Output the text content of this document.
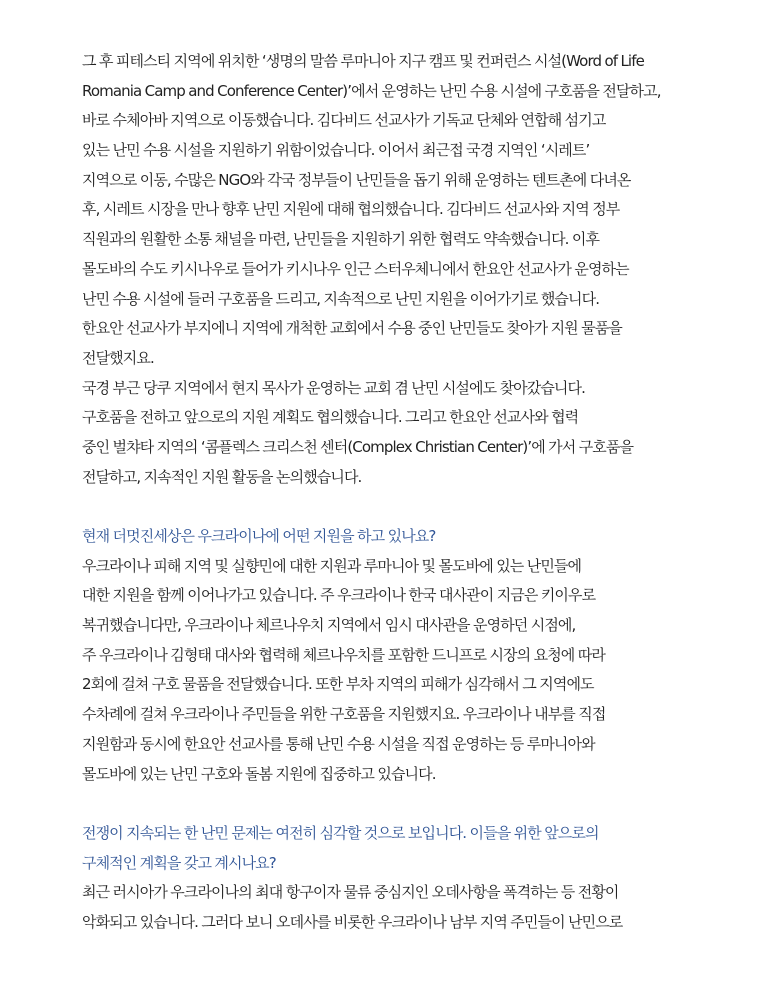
그 후 피테스티 지역에 위치한 ‘생명의 말씀 루마니아 지구 캠프 및 컨퍼런스 시설(Word of Life
Romania Camp and Conference Center)’에서 운영하는 난민 수용 시설에 구호품을 전달하고,
바로 수체아바 지역으로 이동했습니다. 김다비드 선교사가 기독교 단체와 연합해 섬기고
있는 난민 수용 시설을 지원하기 위함이었습니다. 이어서 최근접 국경 지역인 ‘시레트’
지역으로 이동, 수많은 NGO와 각국 정부들이 난민들을 돕기 위해 운영하는 텐트촌에 다녀온
후, 시레트 시장을 만나 향후 난민 지원에 대해 협의했습니다. 김다비드 선교사와 지역 정부
직원과의 원활한 소통 채널을 마련, 난민들을 지원하기 위한 협력도 약속했습니다. 이후
몰도바의 수도 키시나우로 들어가 키시나우 인근 스터우체니에서 한요안 선교사가 운영하는
난민 수용 시설에 들러 구호품을 드리고, 지속적으로 난민 지원을 이어가기로 했습니다.
한요안 선교사가 부지에니 지역에 개척한 교회에서 수용 중인 난민들도 찾아가 지원 물품을
전달했지요.
국경 부근 당쿠 지역에서 현지 목사가 운영하는 교회 겸 난민 시설에도 찾아갔습니다.
구호품을 전하고 앞으로의 지원 계획도 협의했습니다. 그리고 한요안 선교사와 협력
중인 벌챠타 지역의 ‘콤플렉스 크리스천 센터(Complex Christian Center)’에 가서 구호품을
전달하고, 지속적인 지원 활동을 논의했습니다.
현재 더멋진세상은 우크라이나에 어떤 지원을 하고 있나요?
우크라이나 피해 지역 및 실향민에 대한 지원과 루마니아 및 몰도바에 있는 난민들에
대한 지원을 함께 이어나가고 있습니다. 주 우크라이나 한국 대사관이 지금은 키이우로
복귀했습니다만, 우크라이나 체르나우치 지역에서 임시 대사관을 운영하던 시점에,
주 우크라이나 김형태 대사와 협력해 체르나우치를 포함한 드니프로 시장의 요청에 따라
2회에 걸쳐 구호 물품을 전달했습니다. 또한 부차 지역의 피해가 심각해서 그 지역에도
수차례에 걸쳐 우크라이나 주민들을 위한 구호품을 지원했지요. 우크라이나 내부를 직접
지원함과 동시에 한요안 선교사를 통해 난민 수용 시설을 직접 운영하는 등 루마니아와
몰도바에 있는 난민 구호와 돌봄 지원에 집중하고 있습니다.
전쟁이 지속되는 한 난민 문제는 여전히 심각할 것으로 보입니다. 이들을 위한 앞으로의
구체적인 계획을 갖고 계시나요?
최근 러시아가 우크라이나의 최대 항구이자 물류 중심지인 오데사항을 폭격하는 등 전황이
악화되고 있습니다. 그러다 보니 오데사를 비롯한 우크라이나 남부 지역 주민들이 난민으로
